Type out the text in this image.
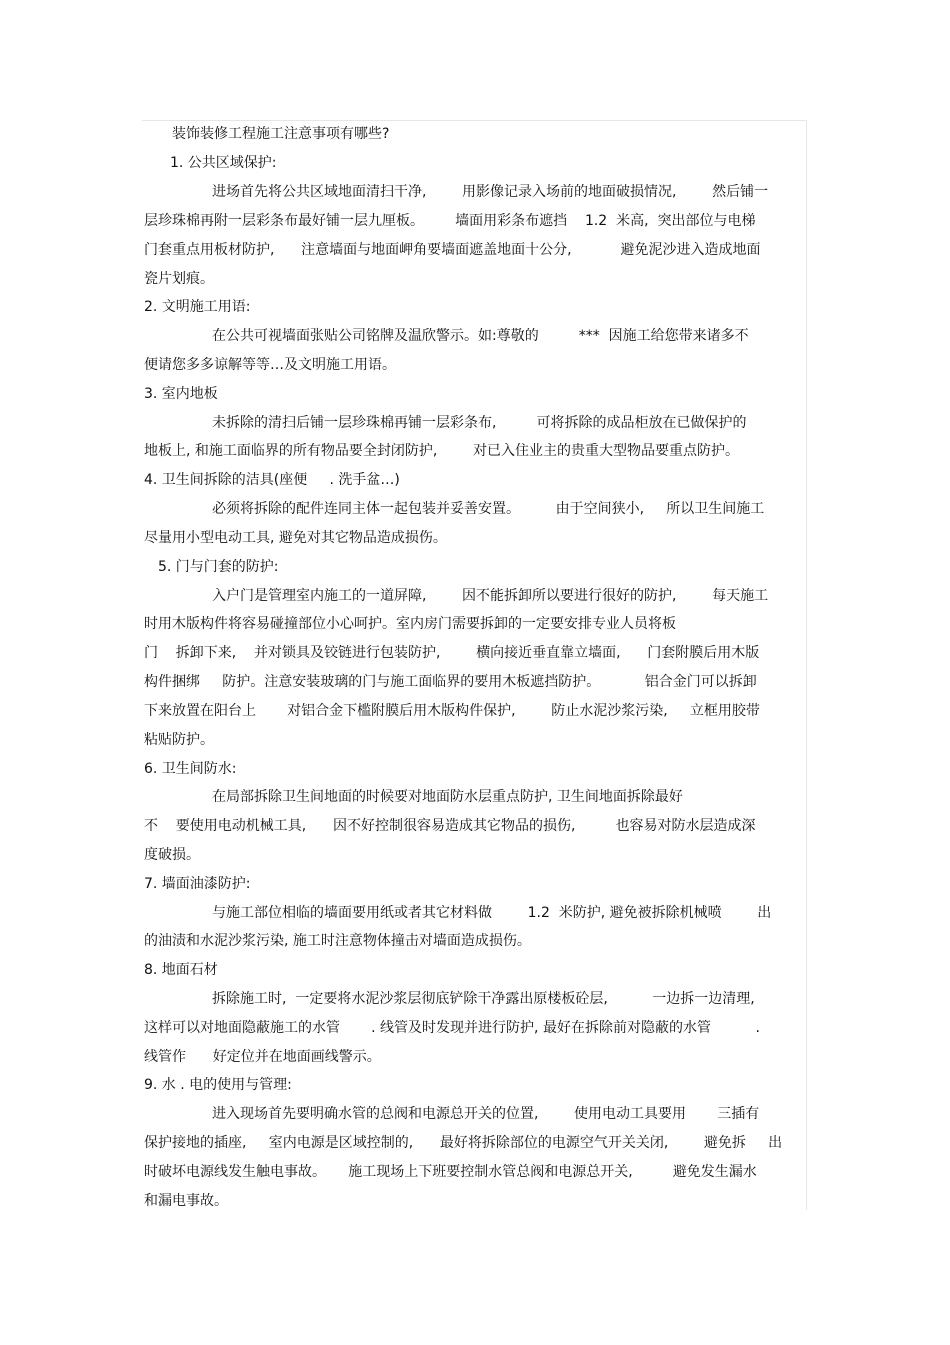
装饰装修工程施工注意事项有哪些?
1. 公共区域保护:
进场首先将公共区域地面清扫干净,        用影像记录入场前的地面破损情况,        然后铺一
层珍珠棉再附一层彩条布最好铺一层九厘板。       墙面用彩条布遮挡    1.2  米高,  突出部位与电梯
门套重点用板材防护,      注意墙面与地面岬角要墙面遮盖地面十公分,           避免泥沙进入造成地面
瓷片划痕。
2. 文明施工用语:
在公共可视墙面张贴公司铭牌及温欣警示。如:尊敬的         ***  因施工给您带来诸多不
便请您多多谅解等等…及文明施工用语。
3. 室内地板
未拆除的清扫后铺一层珍珠棉再铺一层彩条布,         可将拆除的成品柜放在已做保护的
地板上, 和施工面临界的所有物品要全封闭防护,        对已入住业主的贵重大型物品要重点防护。
4. 卫生间拆除的洁具(座便     . 洗手盆…)
必须将拆除的配件连同主体一起包装并妥善安置。        由于空间狭小,     所以卫生间施工
尽量用小型电动工具, 避免对其它物品造成损伤。
5. 门与门套的防护:
入户门是管理室内施工的一道屏障,        因不能拆卸所以要进行很好的防护,        每天施工
时用木版构件将容易碰撞部位小心呵护。室内房门需要拆卸的一定要安排专业人员将板
门    拆卸下来,    并对锁具及铰链进行包装防护,        横向接近垂直靠立墙面,      门套附膜后用木版
构件捆绑     防护。注意安装玻璃的门与施工面临界的要用木板遮挡防护。          铝合金门可以拆卸
下来放置在阳台上       对铝合金下槛附膜后用木版构件保护,        防止水泥沙浆污染,     立框用胶带
粘贴防护。
6. 卫生间防水:
在局部拆除卫生间地面的时候要对地面防水层重点防护, 卫生间地面拆除最好
不    要使用电动机械工具,      因不好控制很容易造成其它物品的损伤,         也容易对防水层造成深
度破损。
7. 墙面油漆防护:
与施工部位相临的墙面要用纸或者其它材料做        1.2  米防护, 避免被拆除机械喷        出
的油渍和水泥沙浆污染, 施工时注意物体撞击对墙面造成损伤。
8. 地面石材
拆除施工时,  一定要将水泥沙浆层彻底铲除干净露出原楼板砼层,          一边拆一边清理,
这样可以对地面隐蔽施工的水管       . 线管及时发现并进行防护, 最好在拆除前对隐蔽的水管          .
线管作      好定位并在地面画线警示。
9. 水 . 电的使用与管理:
进入现场首先要明确水管的总阀和电源总开关的位置,        使用电动工具要用       三插有
保护接地的插座,     室内电源是区域控制的,      最好将拆除部位的电源空气开关关闭,        避免拆     出
时破坏电源线发生触电事故。     施工现场上下班要控制水管总阀和电源总开关,         避免发生漏水
和漏电事故。
